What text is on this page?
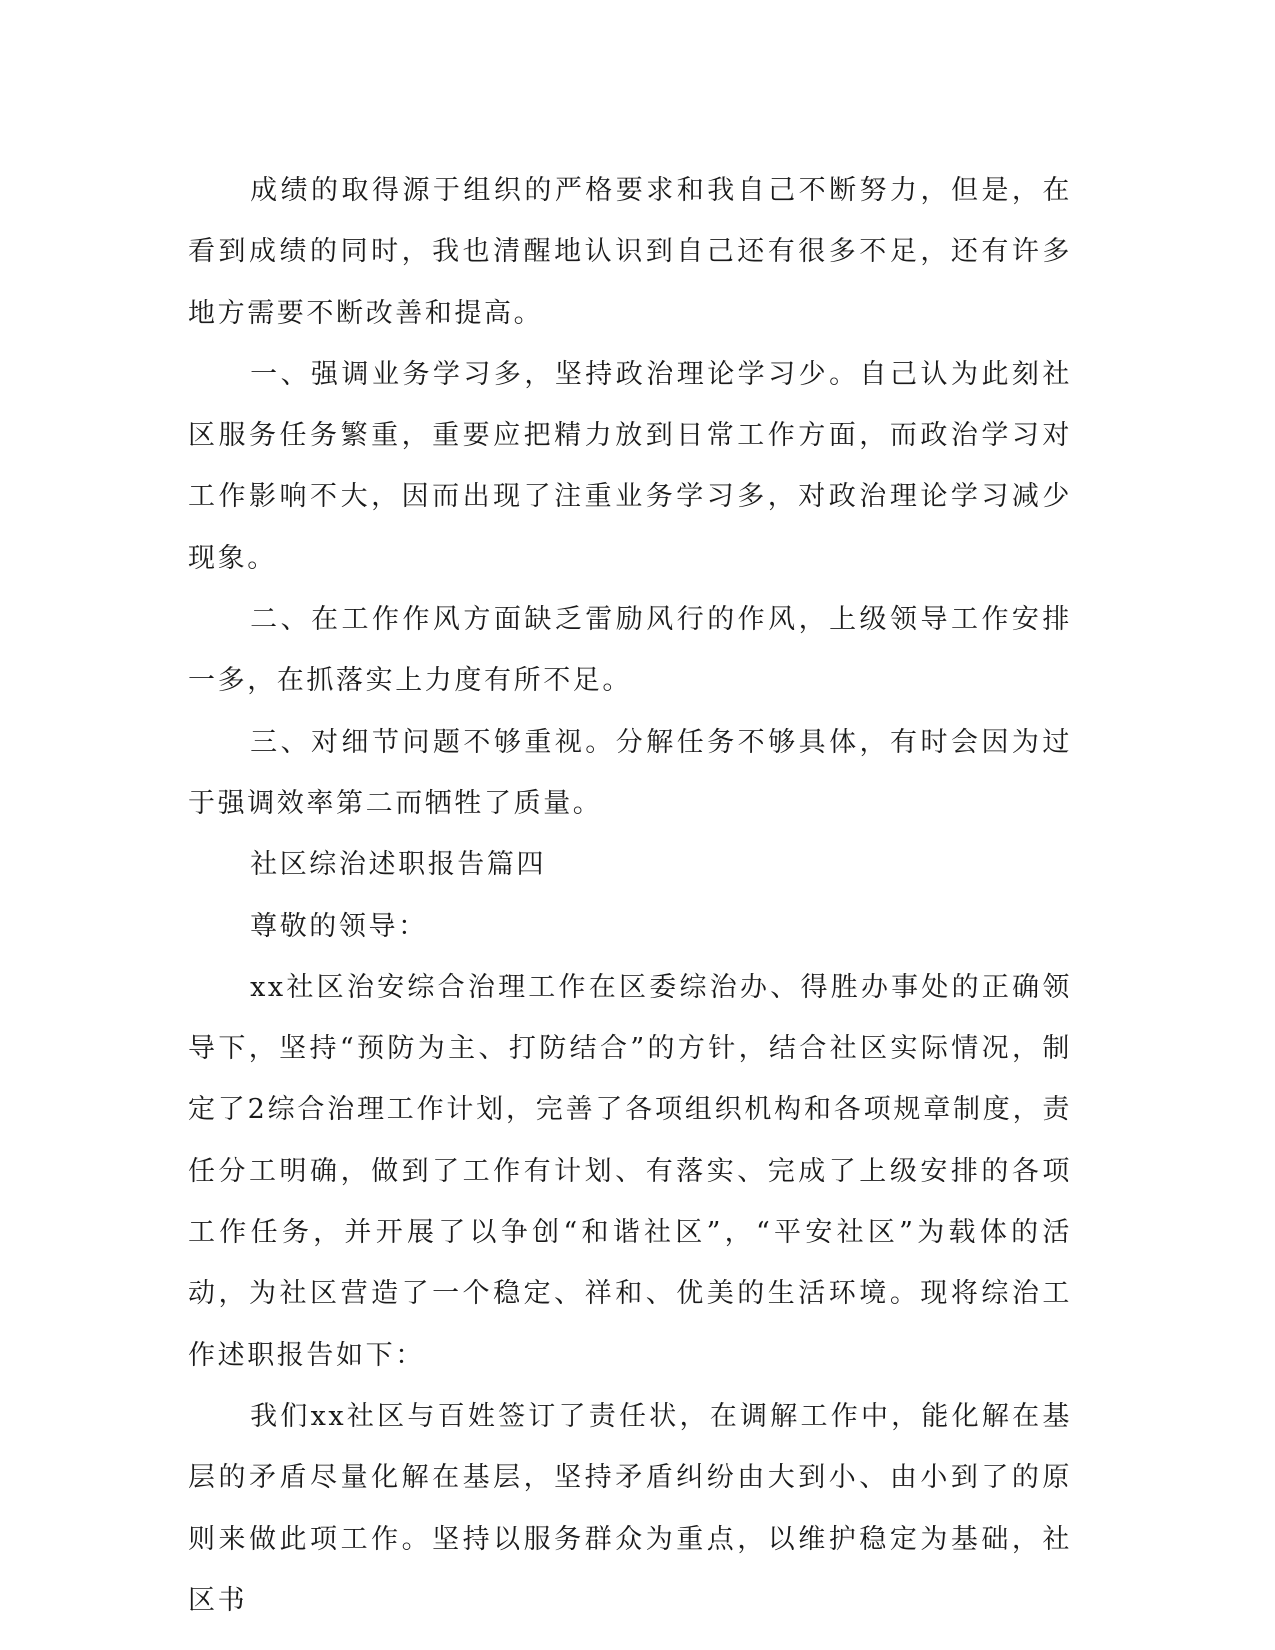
成绩的取得源于组织的严格要求和我自己不断努力，但是，在看到成绩的同时，我也清醒地认识到自己还有很多不足，还有许多地方需要不断改善和提高。

一、强调业务学习多，坚持政治理论学习少。自己认为此刻社区服务任务繁重，重要应把精力放到日常工作方面，而政治学习对工作影响不大，因而出现了注重业务学习多，对政治理论学习减少现象。

二、在工作作风方面缺乏雷励风行的作风，上级领导工作安排一多，在抓落实上力度有所不足。

三、对细节问题不够重视。分解任务不够具体，有时会因为过于强调效率第二而牺牲了质量。

社区综治述职报告篇四

尊敬的领导：

xx社区治安综合治理工作在区委综治办、得胜办事处的正确领导下，坚持“预防为主、打防结合”的方针，结合社区实际情况，制定了2综合治理工作计划，完善了各项组织机构和各项规章制度，责任分工明确，做到了工作有计划、有落实、完成了上级安排的各项工作任务，并开展了以争创“和谐社区”，“平安社区”为载体的活动，为社区营造了一个稳定、祥和、优美的生活环境。现将综治工作述职报告如下：

我们xx社区与百姓签订了责任状，在调解工作中，能化解在基层的矛盾尽量化解在基层，坚持矛盾纠纷由大到小、由小到了的原则来做此项工作。坚持以服务群众为重点，以维护稳定为基础，社区书
